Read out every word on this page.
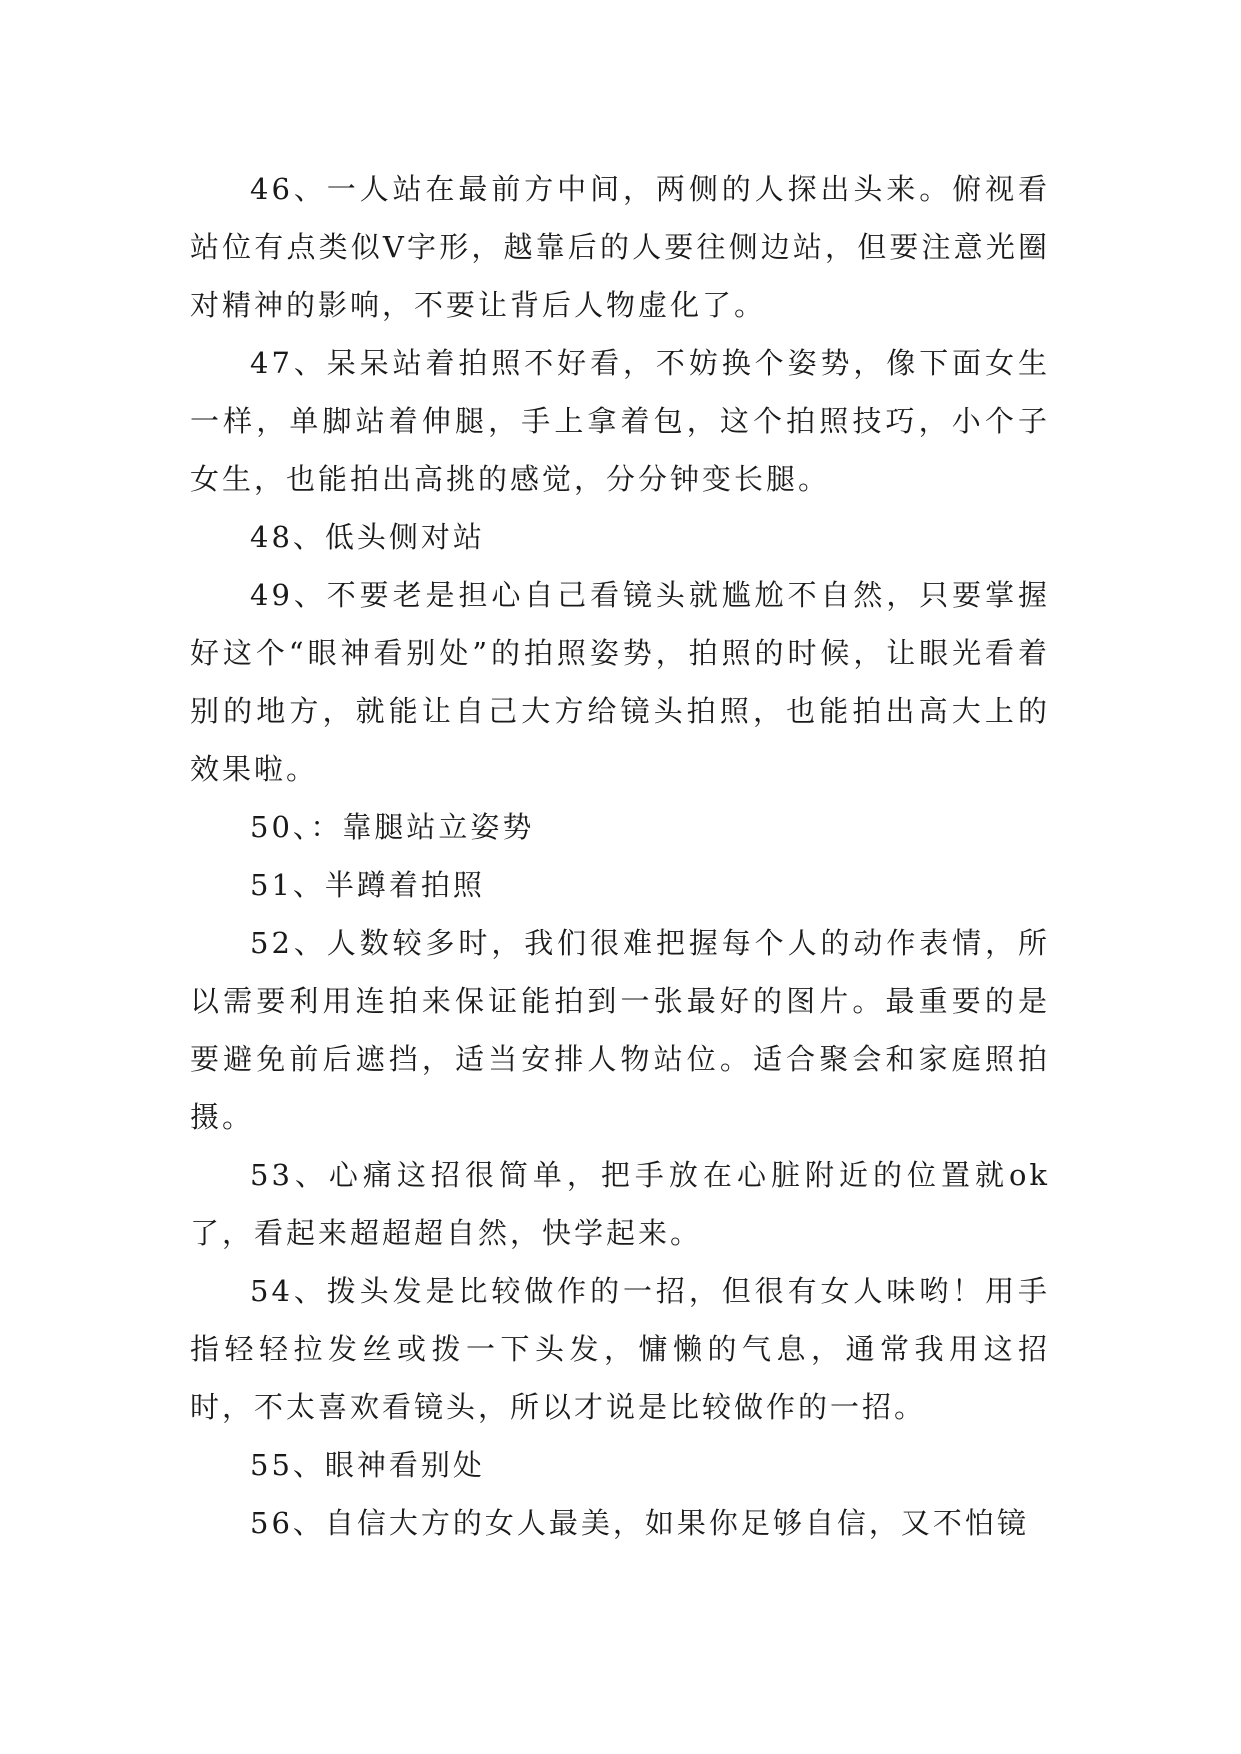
46、一人站在最前方中间，两侧的人探出头来。俯视看站位有点类似V字形，越靠后的人要往侧边站，但要注意光圈对精神的影响，不要让背后人物虚化了。

47、呆呆站着拍照不好看，不妨换个姿势，像下面女生一样，单脚站着伸腿，手上拿着包，这个拍照技巧，小个子女生，也能拍出高挑的感觉，分分钟变长腿。

48、低头侧对站

49、不要老是担心自己看镜头就尴尬不自然，只要掌握好这个“眼神看别处”的拍照姿势，拍照的时候，让眼光看着别的地方，就能让自己大方给镜头拍照，也能拍出高大上的效果啦。

50、：靠腿站立姿势

51、半蹲着拍照

52、人数较多时，我们很难把握每个人的动作表情，所以需要利用连拍来保证能拍到一张最好的图片。最重要的是要避免前后遮挡，适当安排人物站位。适合聚会和家庭照拍摄。

53、心痛这招很简单，把手放在心脏附近的位置就ok了，看起来超超超自然，快学起来。

54、拨头发是比较做作的一招，但很有女人味哟！用手指轻轻拉发丝或拨一下头发，慵懒的气息，通常我用这招时，不太喜欢看镜头，所以才说是比较做作的一招。

55、眼神看别处

56、自信大方的女人最美，如果你足够自信，又不怕镜
